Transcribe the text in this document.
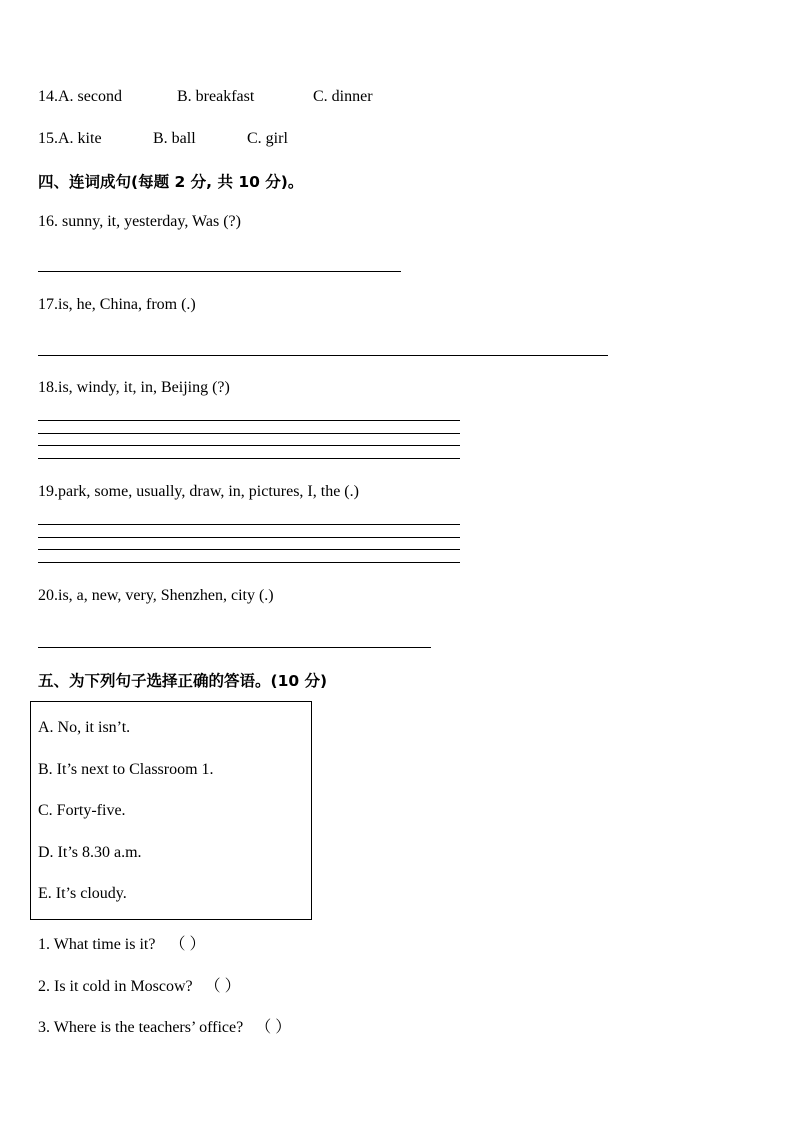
14.A. second	B. breakfast	C. dinner
15.A. kite	B. ball	C. girl
四、连词成句(每题 2 分, 共 10 分)。
16. sunny, it, yesterday, Was (?)
17.is, he, China, from (.)
18.is, windy, it, in, Beijing (?)
19.park, some, usually, draw, in, pictures, I, the (.)
20.is, a, new, very, Shenzhen, city (.)
五、为下列句子选择正确的答语。(10 分)
A. No, it isn’t.
B. It’s next to Classroom 1.
C. Forty-five.
D. It’s 8.30 a.m.
E. It’s cloudy.
1. What time is it? （ ）
2. Is it cold in Moscow? （ ）
3. Where is the teachers’ office? （ ）
